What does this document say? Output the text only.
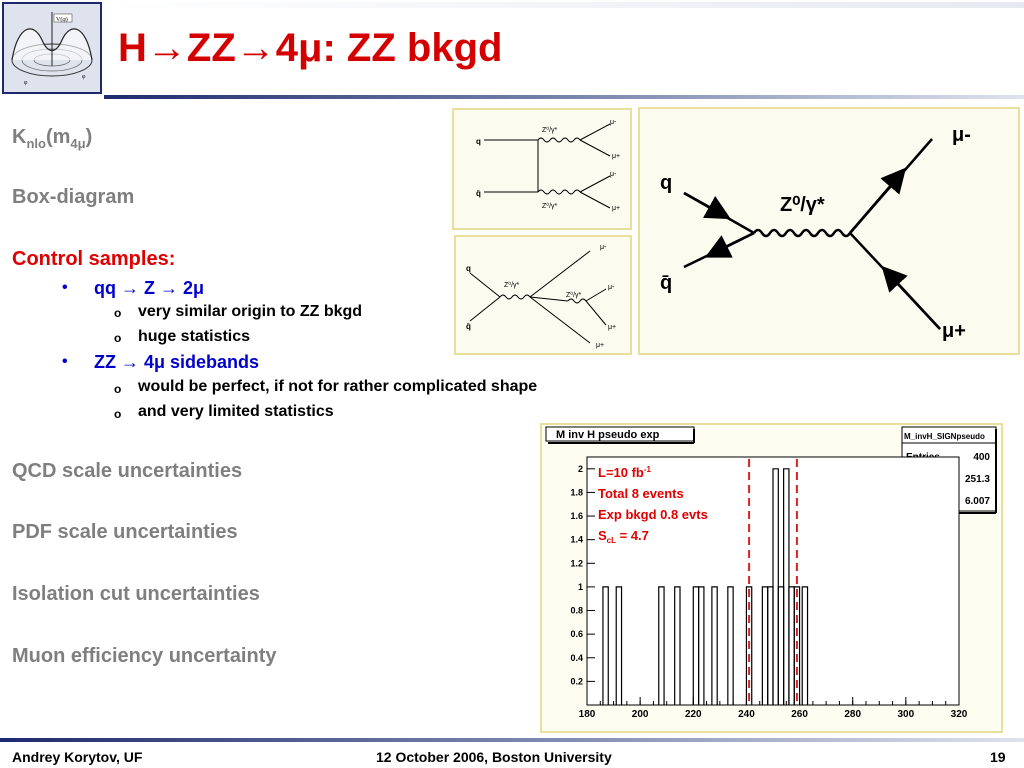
V(φ)
φ
φ
H→ZZ→4μ: ZZ bkgd
$K_{nlo}(m_{4\mu})$
Box-diagram
Control samples:
• qq → Z → 2μ
o very similar origin to ZZ bkgd
o huge statistics
• ZZ → 4μ sidebands
o would be perfect, if not for rather complicated shape
o and very limited statistics
QCD scale uncertainties
PDF scale uncertainties
Isolation cut uncertainties
Muon efficiency uncertainty
q
q̄
Z⁰/γ*
Z⁰/γ*
μ-
μ+
μ-
μ+
q
q̄
Z⁰/γ*
Z⁰/γ*
μ-
μ-
μ+
μ+
q
q̄
Z⁰/γ*
μ-
μ+
M inv H pseudo exp	M_invH_SIGNpseudo
400
251.3
6.007
180	200	220	240	260	280	300	320
0.2
0.4
0.6
0.8
1
1.2
1.4
1.6
1.8
2 L=10 $fb^{-1}$
Total 8 events
Exp bkgd 0.8 evts
$S_{cL} = 4.7$
Andrey Korytov, UF	12 October 2006, Boston University	19
